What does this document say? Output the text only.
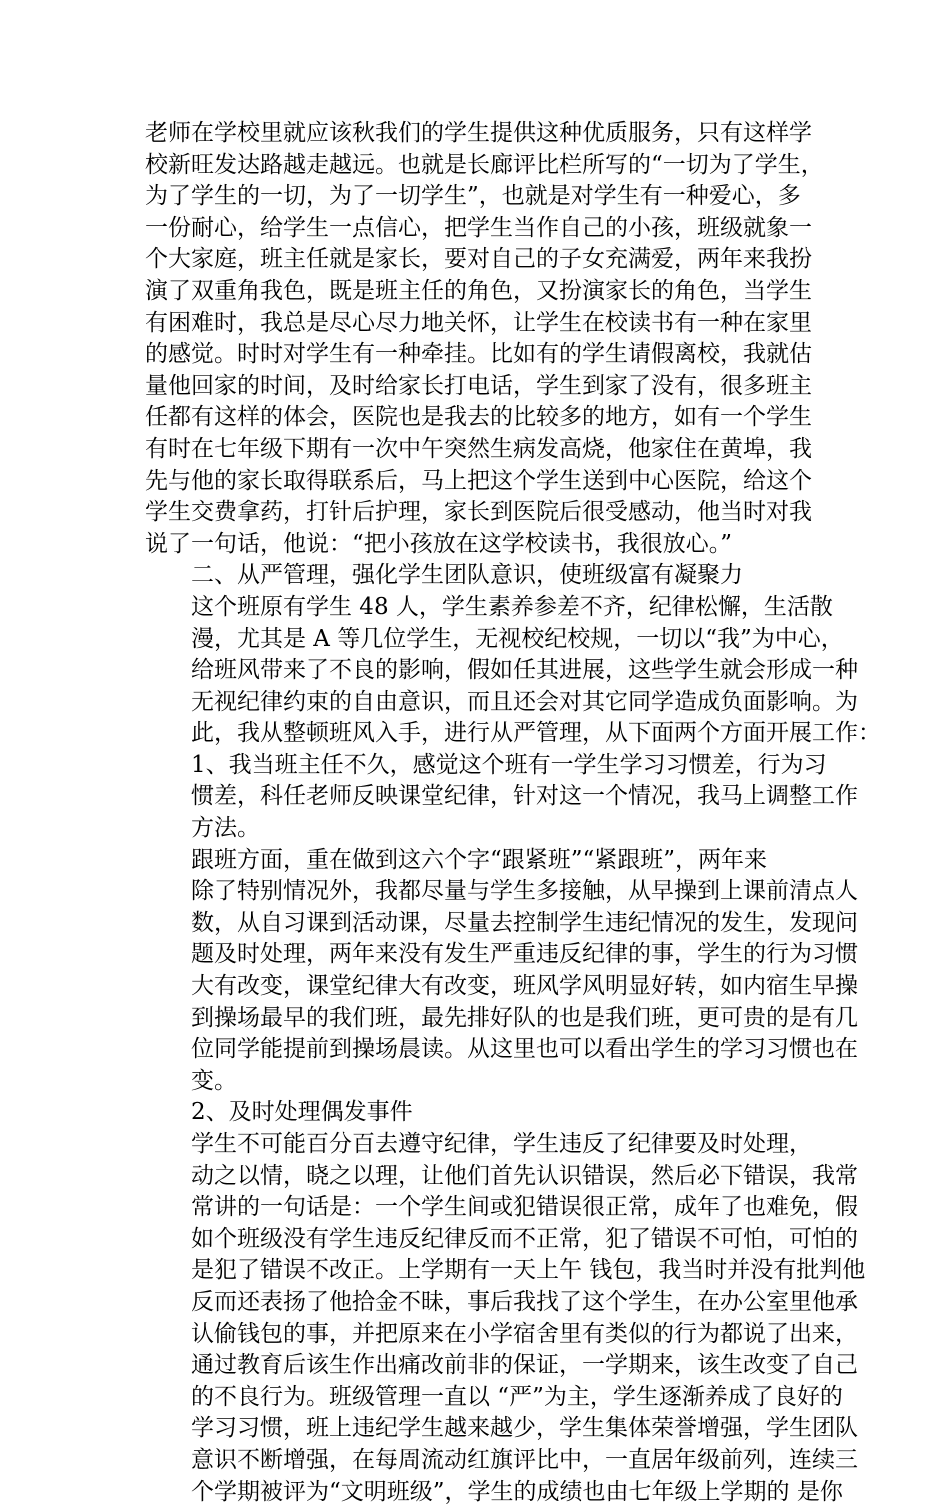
老师在学校里就应该秋我们的学生提供这种优质服务，只有这样学
校新旺发达路越走越远。也就是长廊评比栏所写的“一切为了学生，
为了学生的一切，为了一切学生”，也就是对学生有一种爱心，多
一份耐心，给学生一点信心，把学生当作自己的小孩，班级就象一
个大家庭，班主任就是家长，要对自己的子女充满爱，两年来我扮
演了双重角我色，既是班主任的角色，又扮演家长的角色，当学生
有困难时，我总是尽心尽力地关怀，让学生在校读书有一种在家里
的感觉。时时对学生有一种牵挂。比如有的学生请假离校，我就估
量他回家的时间，及时给家长打电话，学生到家了没有，很多班主
任都有这样的体会，医院也是我去的比较多的地方，如有一个学生
有时在七年级下期有一次中午突然生病发高烧，他家住在黄埠，我
先与他的家长取得联系后，马上把这个学生送到中心医院，给这个
学生交费拿药，打针后护理，家长到医院后很受感动，他当时对我
说了一句话，他说：“把小孩放在这学校读书，我很放心。”

二、从严管理，强化学生团队意识，使班级富有凝聚力

这个班原有学生 48 人，学生素养参差不齐，纪律松懈，生活散
漫，尤其是 A 等几位学生，无视校纪校规，一切以“我”为中心，
给班风带来了不良的影响，假如任其进展，这些学生就会形成一种
无视纪律约束的自由意识，而且还会对其它同学造成负面影响。为
此，我从整顿班风入手，进行从严管理，从下面两个方面开展工作：

1、我当班主任不久，感觉这个班有一学生学习习惯差，行为习
惯差，科任老师反映课堂纪律，针对这一个情况，我马上调整工作
方法。

跟班方面，重在做到这六个字“跟紧班”“紧跟班”，两年来
除了特别情况外，我都尽量与学生多接触，从早操到上课前清点人
数，从自习课到活动课，尽量去控制学生违纪情况的发生，发现问
题及时处理，两年来没有发生严重违反纪律的事，学生的行为习惯
大有改变，课堂纪律大有改变，班风学风明显好转，如内宿生早操
到操场最早的我们班，最先排好队的也是我们班，更可贵的是有几
位同学能提前到操场晨读。从这里也可以看出学生的学习习惯也在
变。

2、及时处理偶发事件

学生不可能百分百去遵守纪律，学生违反了纪律要及时处理，
动之以情，晓之以理，让他们首先认识错误，然后必下错误，我常
常讲的一句话是：一个学生间或犯错误很正常，成年了也难免，假
如个班级没有学生违反纪律反而不正常，犯了错误不可怕，可怕的
是犯了错误不改正。上学期有一天上午 钱包，我当时并没有批判他
反而还表扬了他拾金不昧，事后我找了这个学生，在办公室里他承
认偷钱包的事，并把原来在小学宿舍里有类似的行为都说了出来，
通过教育后该生作出痛改前非的保证，一学期来，该生改变了自己
的不良行为。班级管理一直以 “严”为主，学生逐渐养成了良好的
学习习惯，班上违纪学生越来越少，学生集体荣誉增强，学生团队
意识不断增强，在每周流动红旗评比中，一直居年级前列，连续三
个学期被评为“文明班级”，学生的成绩也由七年级上学期的 是你
